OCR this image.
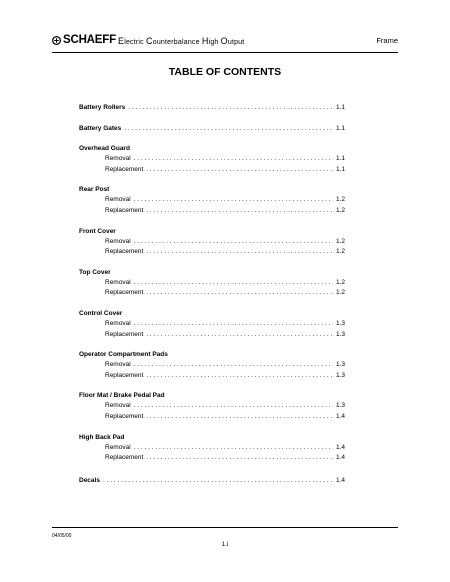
SCHAEFF Electric Counterbalance High Output	Frame
TABLE OF CONTENTS
Battery Rollers . . .	1.1
Battery Gates . . .	1.1
Overhead Guard
Removal . . .	1.1
Replacement . . .	1.1
Rear Post
Removal . . .	1.2
Replacement . . .	1.2
Front Cover
Removal . . .	1.2
Replacement . . .	1.2
Top Cover
Removal . . .	1.2
Replacement . . .	1.2
Control Cover
Removal . . .	1.3
Replacement . . .	1.3
Operator Compartment Pads
Removal . . .	1.3
Replacement . . .	1.3
Floor Mat / Brake Pedal Pad
Removal . . .	1.3
Replacement . . .	1.4
High Back Pad
Removal . . .	1.4
Replacement . . .	1.4
Decals . . .	1.4
04/05/00
1.i
